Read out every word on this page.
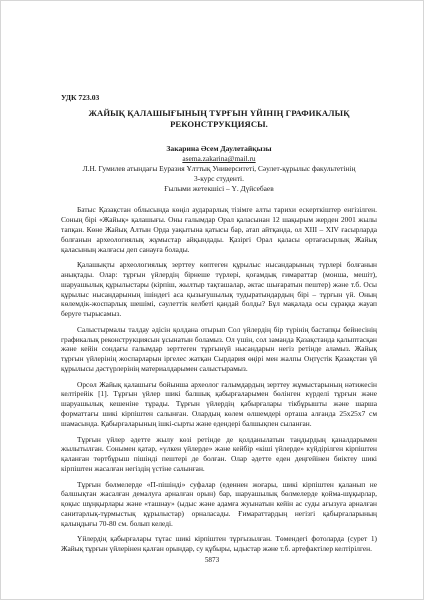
УДК 723.03
ЖАЙЫҚ ҚАЛАШЫҒЫНЫҢ ТҰРҒЫН ҮЙІНІҢ ГРАФИКАЛЫҚ РЕКОНСТРУКЦИЯСЫ.
Закарина Әсем Даулетайқызы
asema.zakarina@mail.ru
Л.Н. Гумилев атындағы Еуразия Ұлттық Университеті, Сәулет-құрылыс факультетінің
3-курс студенті.
Ғылыми жетекшісі – Ү. Дүйсебаев

Батыс Қазақстан облысында көңіл аударарлық тізімге алты тарихи ескерткіштер енгізілген. Соның бірі «Жайық» қалашығы. Оны ғалымдар Орал қаласынан 12 шақырым жерден 2001 жылы тапқан. Көне Жайық Алтын Орда уақытына қатысы бар, атап айтқанда, ол XIII – XIV ғасырларда болғанын археологиялық жұмыстар айқындады. Қазіргі Орал қаласы ортағасырлық Жайық қаласының жалғасы деп санауға болады.

Қалашықты археологиялық зерттеу көптеген құрылыс нысандарының түрлері болғанын анықтады. Олар: тұрғын үйлердің бірнеше түрлері, қоғамдық ғимараттар (моншa, мешіт), шаруашылық құрылыстары (кірпіш, жылтыр тақташалар, әктас шығаратын пештер) және т.б. Осы құрылыс нысандарының ішіндегі аса қызығушылық тудыратындардың бірі – тұрғын үй. Оның көлемдік-жоспарлық шешімі, сәулеттік келбеті қандай болды? Бұл мақалада осы сұраққа жауап беруге тырысамыз.

Салыстырмалы талдау әдісін қолдана отырып Сол үйлердің бір түрінің бастапқы бейнесінің графикалық реконструкциясын ұсынатын боламыз. Ол үшін, сол заманда Қазақстанда қалыптасқан және кейін сондағы ғалымдар зерттеген тұрғынүй нысандарын негіз ретінде аламыз. Жайық тұрғын үйлерінің жоспарларын іргелес жатқан Сырдария өңірі мен жалпы Оңтүстік Қазақстан үй құрылысы дәстүрлерінің материалдарымен салыстырамыз.

Орсөл Жайық қалашығы бойынша археолог ғалымдардың зерттеу жұмыстарының нәтижесін келтірейік [1]. Тұрғын үйлер шикі балшық қабырғаларымен бөлінген күрделі тұрғын және шаруашылық кешеніне тұрады. Тұрғын үйлердің қабырғалары тікбұрышты және шарша форматтағы шикі кірпіштен салынған. Олардың көлем өлшемдері орташа алғанда 25х25х7 см шамасында. Қабырғаларының ішкі-сырты және едендері балшықпен сыланған.

Тұрғын үйлер әдетте жылу көзі ретінде де қолданылатын таңдырдың қаналдарымен жылытылған. Сонымен қатар, «үлкен үйлерде» және кейбір «кіші үйлерде» күйдірілген кірпіштен қаланған төртбұрыш пішінді пештері де болған. Олар әдетте еден деңгейінен биіктеу шикі кірпіштен жасалған негіздің үстіне салынған.

Тұрғын бөлмелерде «П-пішінді» суфалар (еденнен жоғары, шикі кірпіштен қаланып не балшықтан жасалған демалуға арналған орын) бар, шаруашылық бөлмелерде қойма-шұқырлар, қоқыс шұңқырлары және «ташнау» (ыдыс және адамға жуынатын кейін ас суды ағызуға арналған санитарлық-тұрмыстық құрылыстар) орналасады. Ғимараттардың негізгі қабырғаларының қалыңдығы 70-80 см. болып келеді.

Үйлердің қабырғалары тұтас шикі кірпіштен тұрғызылған. Төмендегі фотоларда (сурет 1) Жайық тұрғын үйлерінен қалған орындар, су құбыры, ыдыстар және т.б. артефактілер келтірілген.

5873
